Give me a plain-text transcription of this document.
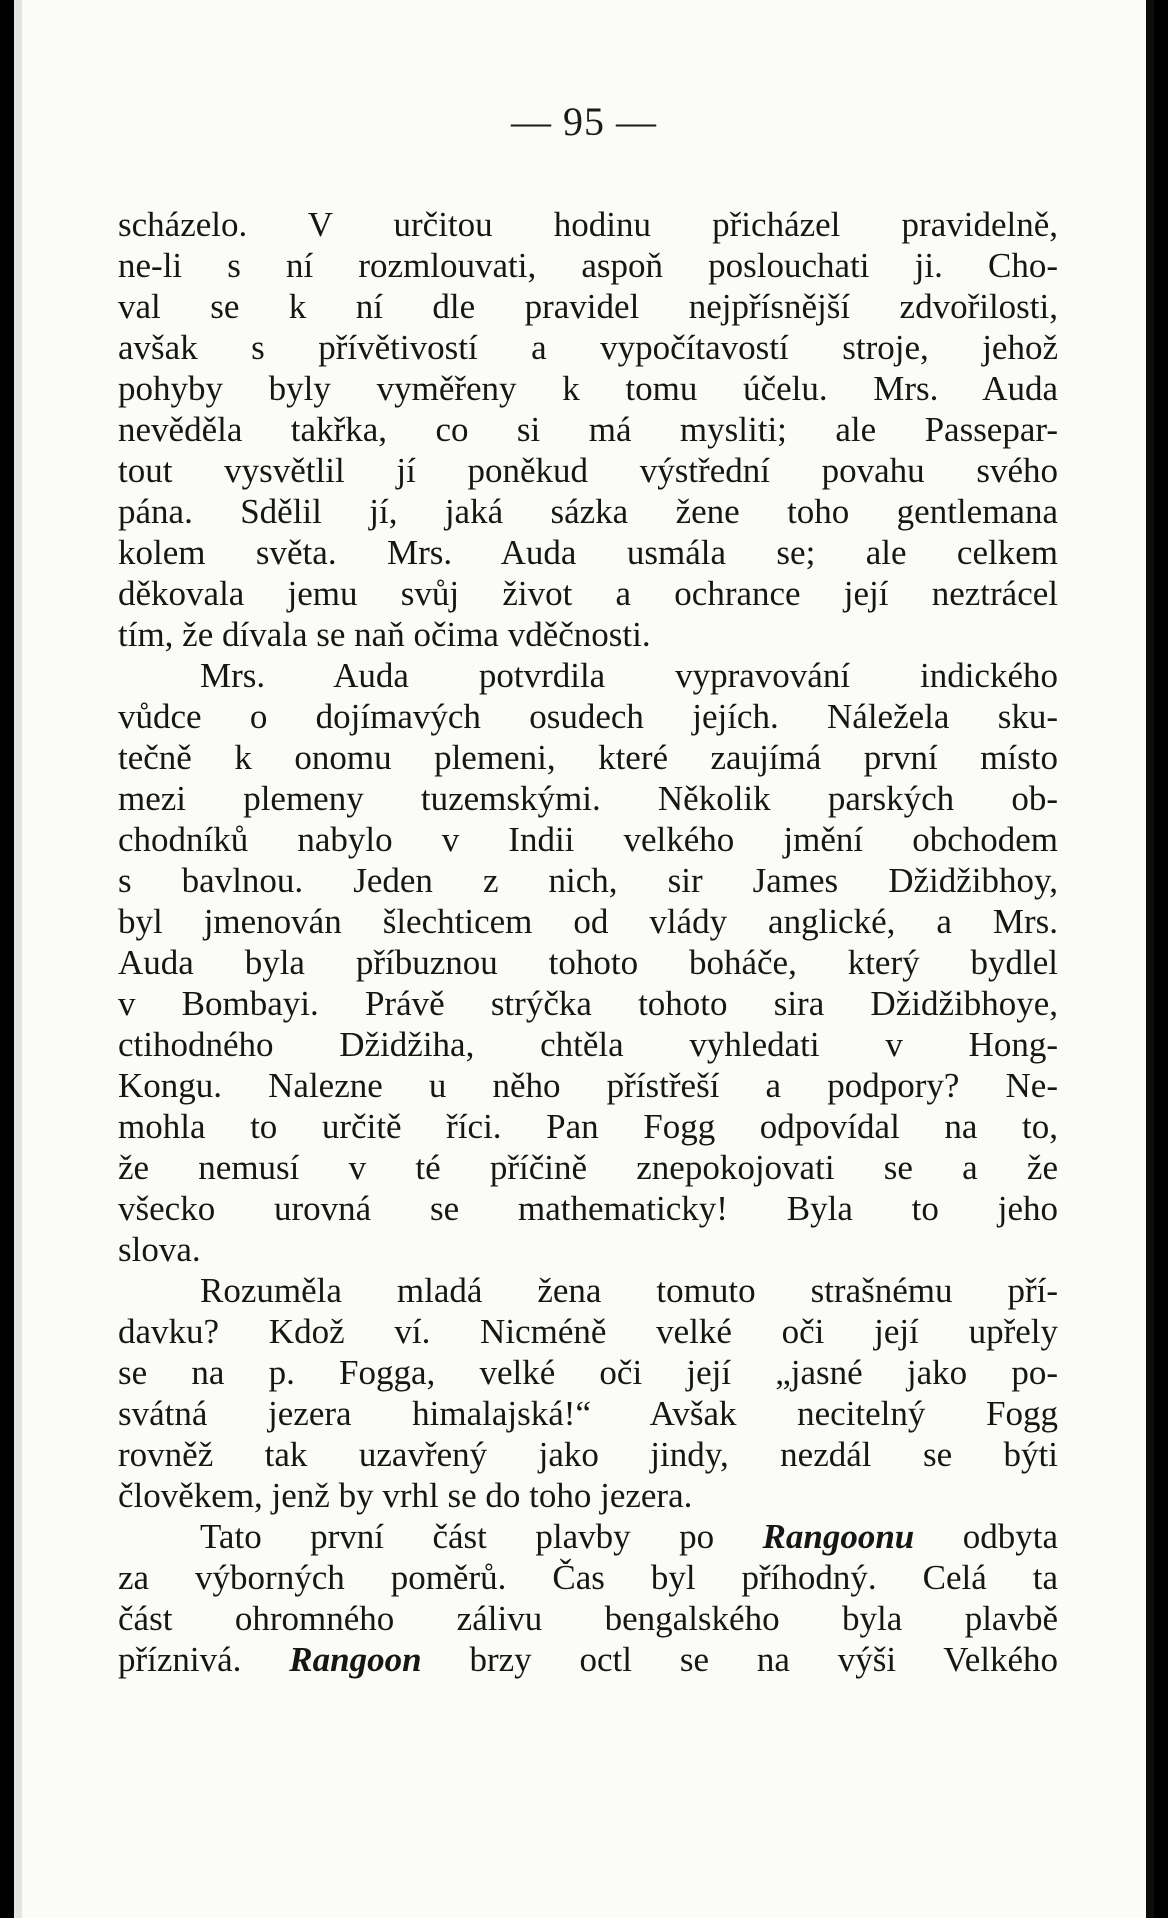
— 95 —
scházelo. V určitou hodinu přicházel pravidelně,
ne-li s ní rozmlouvati, aspoň poslouchati ji. Cho-
val se k ní dle pravidel nejpřísnější zdvořilosti,
avšak s přívětivostí a vypočítavostí stroje, jehož
pohyby byly vyměřeny k tomu účelu. Mrs. Auda
nevěděla takřka, co si má mysliti; ale Passepar-
tout vysvětlil jí poněkud výstřední povahu svého
pána. Sdělil jí, jaká sázka žene toho gentlemana
kolem světa. Mrs. Auda usmála se; ale celkem
děkovala jemu svůj život a ochrance její neztrácel
tím, že dívala se naň očima vděčnosti.
Mrs. Auda potvrdila vypravování indického
vůdce o dojímavých osudech jejích. Náležela sku-
tečně k onomu plemeni, které zaujímá první místo
mezi plemeny tuzemskými. Několik parských ob-
chodníků nabylo v Indii velkého jmění obchodem
s bavlnou. Jeden z nich, sir James Džidžibhoy,
byl jmenován šlechticem od vlády anglické, a Mrs.
Auda byla příbuznou tohoto boháče, který bydlel
v Bombayi. Právě strýčka tohoto sira Džidžibhoye,
ctihodného Džidžiha, chtěla vyhledati v Hong-
Kongu. Nalezne u něho přístřeší a podpory? Ne-
mohla to určitě říci. Pan Fogg odpovídal na to,
že nemusí v té příčině znepokojovati se a že
všecko urovná se mathematicky! Byla to jeho
slova.
Rozuměla mladá žena tomuto strašnému pří-
davku? Kdož ví. Nicméně velké oči její upřely
se na p. Fogga, velké oči její „jasné jako po-
svátná jezera himalajská!“ Avšak necitelný Fogg
rovněž tak uzavřený jako jindy, nezdál se býti
člověkem, jenž by vrhl se do toho jezera.
Tato první část plavby po Rangoonu odbyta
za výborných poměrů. Čas byl příhodný. Celá ta
část ohromného zálivu bengalského byla plavbě
příznivá. Rangoon brzy octl se na výši Velkého
